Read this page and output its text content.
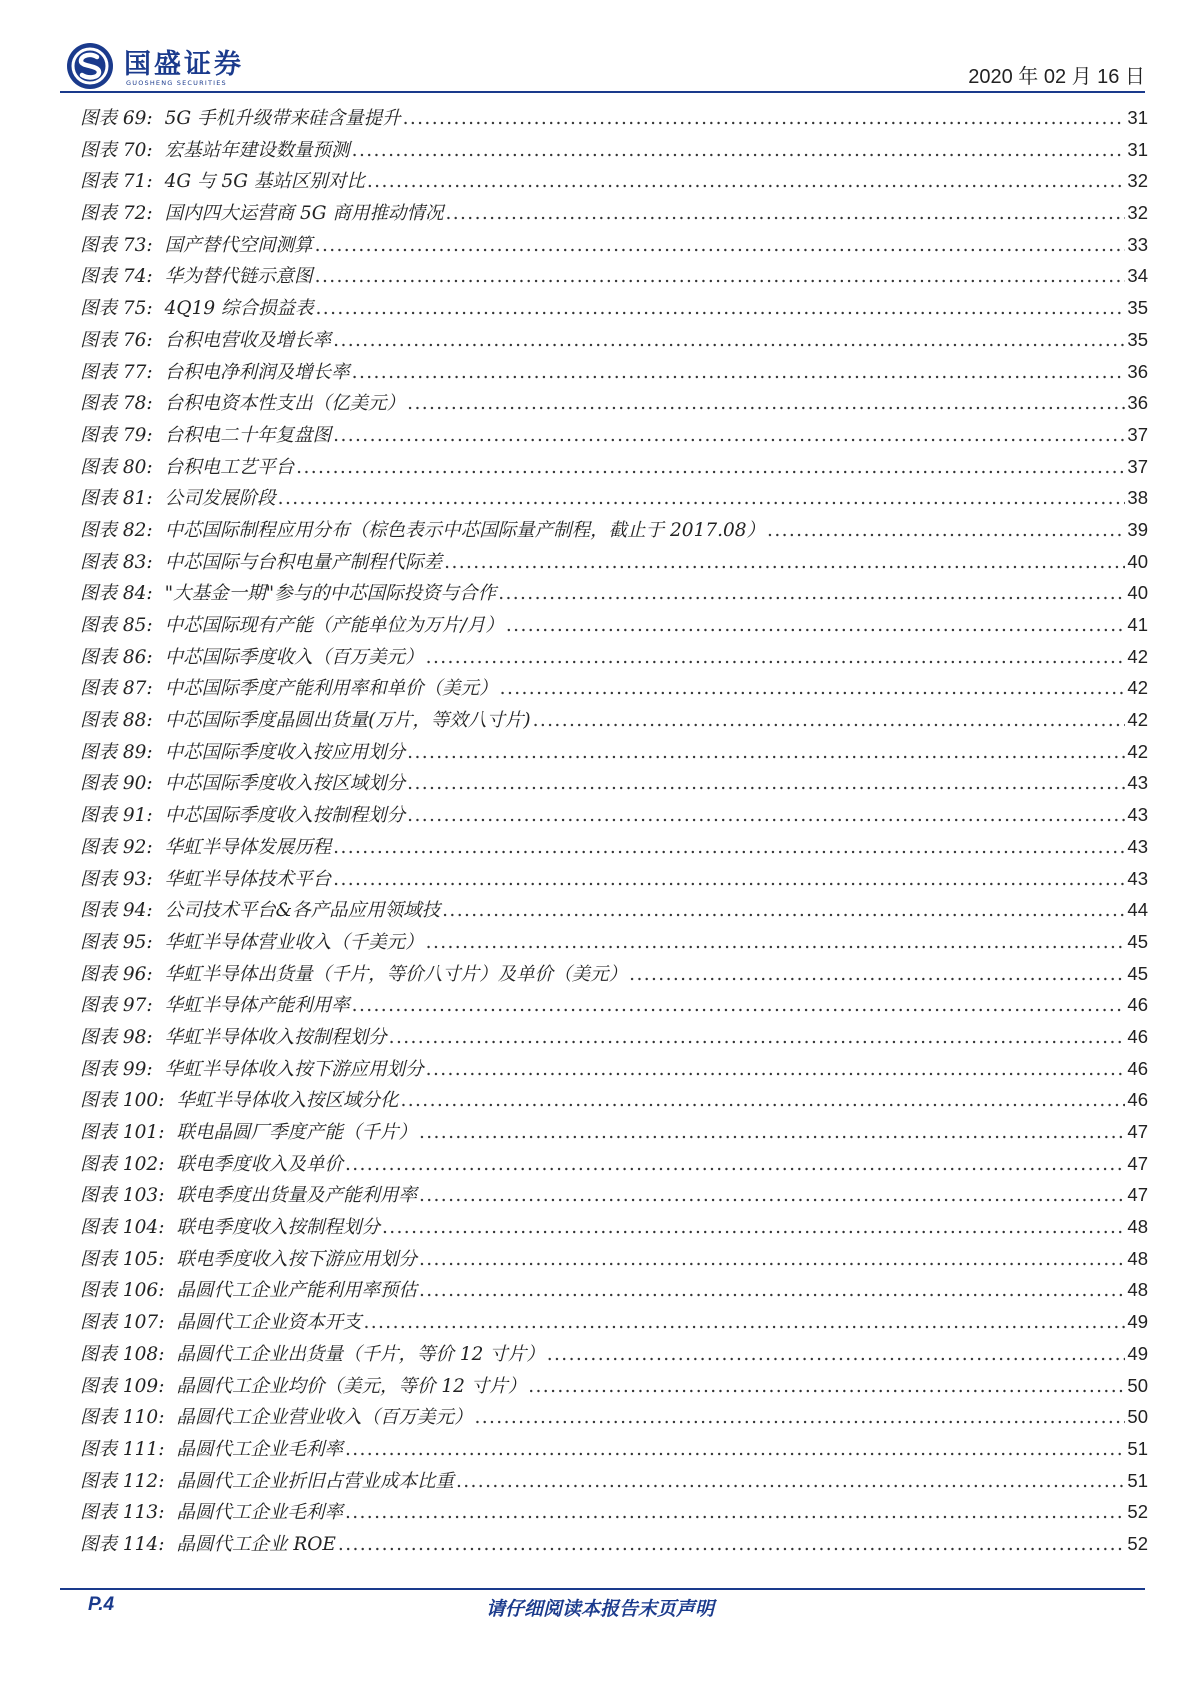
国盛证券
GUOSHENG SECURITIES	2020 年 02 月 16 日
图表 69: 5G 手机升级带来硅含量提升 .....	31
图表 70: 宏基站年建设数量预测 .....	31
图表 71: 4G 与 5G 基站区别对比 .....	32
图表 72: 国内四大运营商 5G 商用推动情况 .....	32
图表 73: 国产替代空间测算 .....	33
图表 74: 华为替代链示意图 .....	34
图表 75: 4Q19 综合损益表 .....	35
图表 76: 台积电营收及增长率 .....	35
图表 77: 台积电净利润及增长率 .....	36
图表 78: 台积电资本性支出（亿美元） .....	36
图表 79: 台积电二十年复盘图 .....	37
图表 80: 台积电工艺平台 .....	37
图表 81: 公司发展阶段 .....	38
图表 82: 中芯国际制程应用分布（棕色表示中芯国际量产制程，截止于 2017.08） .....	39
图表 83: 中芯国际与台积电量产制程代际差 .....	40
图表 84: "大基金一期"参与的中芯国际投资与合作 .....	40
图表 85: 中芯国际现有产能（产能单位为万片/月） .....	41
图表 86: 中芯国际季度收入（百万美元） .....	42
图表 87: 中芯国际季度产能利用率和单价（美元） .....	42
图表 88: 中芯国际季度晶圆出货量(万片，等效八寸片) .....	42
图表 89: 中芯国际季度收入按应用划分 .....	42
图表 90: 中芯国际季度收入按区域划分 .....	43
图表 91: 中芯国际季度收入按制程划分 .....	43
图表 92: 华虹半导体发展历程 .....	43
图表 93: 华虹半导体技术平台 .....	43
图表 94: 公司技术平台&各产品应用领域技 .....	44
图表 95: 华虹半导体营业收入（千美元） .....	45
图表 96: 华虹半导体出货量（千片，等价八寸片）及单价（美元） .....	45
图表 97: 华虹半导体产能利用率 .....	46
图表 98: 华虹半导体收入按制程划分 .....	46
图表 99: 华虹半导体收入按下游应用划分 .....	46
图表 100: 华虹半导体收入按区域分化 .....	46
图表 101: 联电晶圆厂季度产能（千片） .....	47
图表 102: 联电季度收入及单价 .....	47
图表 103: 联电季度出货量及产能利用率 .....	47
图表 104: 联电季度收入按制程划分 .....	48
图表 105: 联电季度收入按下游应用划分 .....	48
图表 106: 晶圆代工企业产能利用率预估 .....	48
图表 107: 晶圆代工企业资本开支 .....	49
图表 108: 晶圆代工企业出货量（千片，等价 12 寸片） .....	49
图表 109: 晶圆代工企业均价（美元，等价 12 寸片） .....	50
图表 110: 晶圆代工企业营业收入（百万美元） .....	50
图表 111: 晶圆代工企业毛利率 .....	51
图表 112: 晶圆代工企业折旧占营业成本比重 .....	51
图表 113: 晶圆代工企业毛利率 .....	52
图表 114: 晶圆代工企业 ROE .....	52
P.4	请仔细阅读本报告末页声明
